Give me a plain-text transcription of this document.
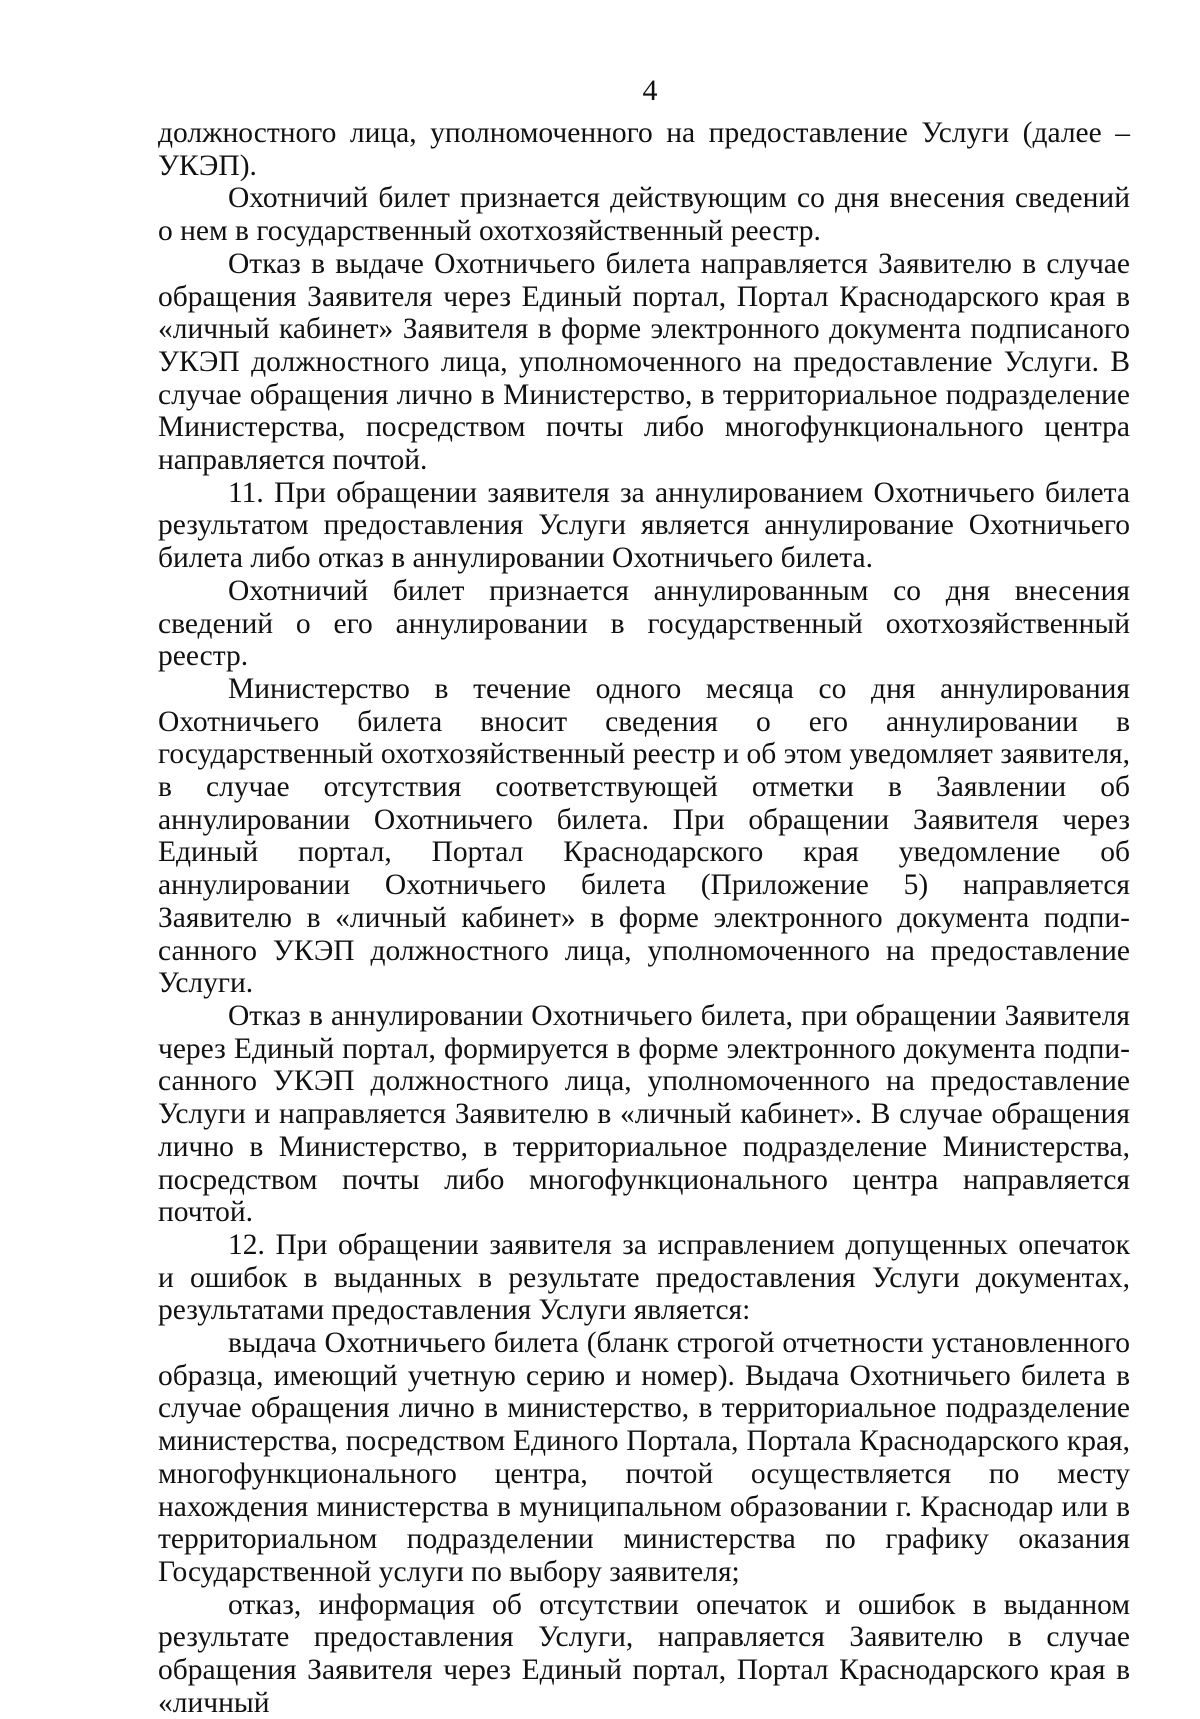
4

должностного лица, уполномоченного на предоставление Услуги (далее – УКЭП).

Охотничий билет признается действующим со дня внесения сведений о нем в государственный охотхозяйственный реестр.

Отказ в выдаче Охотничьего билета направляется Заявителю в случае обращения Заявителя через Единый портал, Портал Краснодарского края в «личный кабинет» Заявителя в форме электронного документа подписаного УКЭП должностного лица, уполномоченного на предоставление Услуги. В случае обращения лично в Министерство, в территориальное подразделение Министерства, посредством почты либо многофункционального центра направляется почтой.

11. При обращении заявителя за аннулированием Охотничьего билета результатом предоставления Услуги является аннулирование Охотничьего билета либо отказ в аннулировании Охотничьего билета.

Охотничий билет признается аннулированным со дня внесения сведений о его аннулировании в государственный охотхозяйственный реестр.

Министерство в течение одного месяца со дня аннулирования Охотничьего билета вносит сведения о его аннулировании в государственный охотхозяйственный реестр и об этом уведомляет заявителя, в случае отсутствия соответствующей отметки в Заявлении об аннулировании Охотниьчего билета. При обращении Заявителя через Единый портал, Портал Краснодарского края уведомление об аннулировании Охотничьего билета (Приложение 5) направляется Заявителю в «личный кабинет» в форме электронного документа подписанного УКЭП должностного лица, уполномоченного на предоставление Услуги.

Отказ в аннулировании Охотничьего билета, при обращении Заявителя через Единый портал, формируется в форме электронного документа подписанного УКЭП должностного лица, уполномоченного на предоставление Услуги и направляется Заявителю в «личный кабинет». В случае обращения лично в Министерство, в территориальное подразделение Министерства, посредством почты либо многофункционального центра направляется почтой.

12. При обращении заявителя за исправлением допущенных опечаток и ошибок в выданных в результате предоставления Услуги документах, результатами предоставления Услуги является:

выдача Охотничьего билета (бланк строгой отчетности установленного образца, имеющий учетную серию и номер). Выдача Охотничьего билета в случае обращения лично в министерство, в территориальное подразделение министерства, посредством Единого Портала, Портала Краснодарского края, многофункционального центра, почтой осуществляется по месту нахождения министерства в муниципальном образовании г. Краснодар или в территориальном подразделении министерства по графику оказания Государственной услуги по выбору заявителя;

отказ, информация об отсутствии опечаток и ошибок в выданном результате предоставления Услуги, направляется Заявителю в случае обращения Заявителя через Единый портал, Портал Краснодарского края в «личный
